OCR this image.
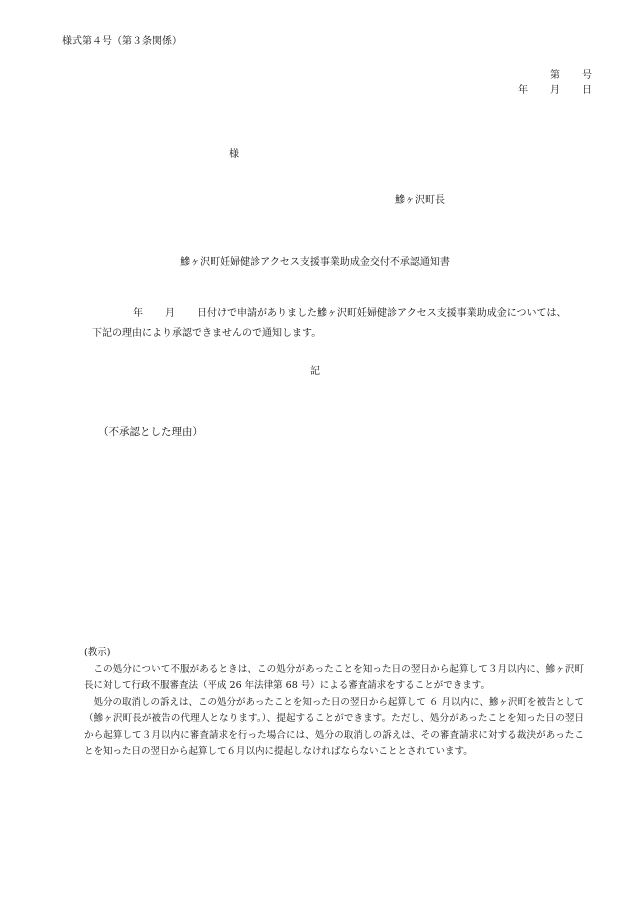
様式第４号（第３条関係）
第 号
年 月 日
様
鰺ヶ沢町長
鰺ヶ沢町妊婦健診アクセス支援事業助成金交付不承認通知書
年 月 日付けで申請がありました鰺ヶ沢町妊婦健診アクセス支援事業助成金については、
下記の理由により承認できませんので通知します。
記
（不承認とした理由）

(教示)

この処分について不服があるときは、この処分があったことを知った日の翌日から起算して３月以内に、鰺ヶ沢町長に対して行政不服審査法（平成 26 年法律第 68 号）による審査請求をすることができます。

処分の取消しの訴えは、この処分があったことを知った日の翌日から起算して ６ 月以内に、鰺ヶ沢町を被告として（鰺ヶ沢町長が被告の代理人となります。）、提起することができます。ただし、処分があったことを知った日の翌日から起算して３月以内に審査請求を行った場合には、処分の取消しの訴えは、その審査請求に対する裁決があったことを知った日の翌日から起算して６月以内に提起しなければならないこととされています。
